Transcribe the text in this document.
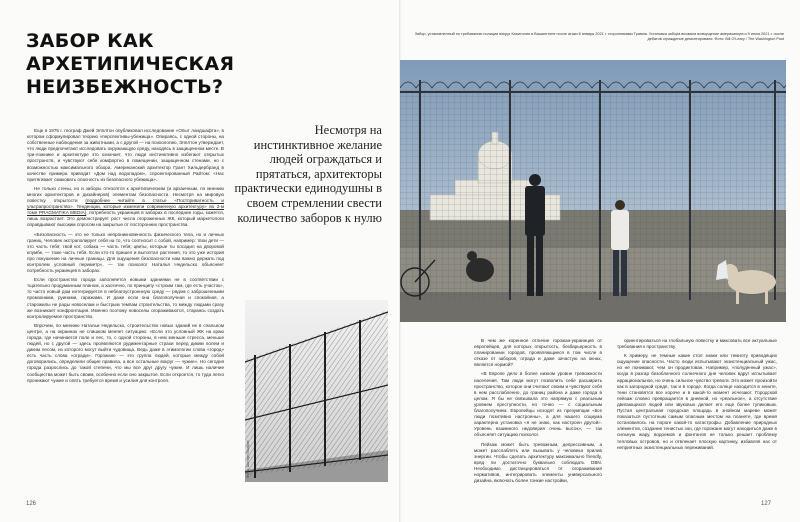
ЗАБОР КАК АРХЕТИПИЧЕСКАЯ НЕИЗБЕЖНОСТЬ?

Еще в 1975 г. географ Джей Эпплтон опубликовал исследование «Опыт ландшафта», в котором сформулировал теорию «перспективы-убежища». Опираясь, с одной стороны, на собственные наблюдения за животными, а с другой — на психологию, Эпплтон утверждает, что люди предпочитают исследовать окружающую среду, находясь в защищенном месте. В три-ложнике и архитектуре это означает, что люди инстинктивно избегают открытых пространств, и чувствуют себя комфортно в помещении, защищенном стенами, но с возможностью максимального обзора. Американский архитектор Грант Хильдербранд в качестве примера приводит «Дом над водопадом», спроектированный Райтом: «Нас притягивает смаковать опасность из безопасного убежища».

Не только стены, но и заборы относятся к архетипическим (и архаичным, по мнению многих архитекторов и дизайнеров) элементам безопасности. Несмотря на мировую повестку открытости (подробнее читайте в статье «Постприватность и ультрапространство». Тенденции, которые изменили современную архитектуру» во 2-м томе PRAGMATIKA MEDIA), потребность украинцев в заборах в последние годы, кажется, лишь возрастает. Это демонстрирует рост числа огороженных ЖК, который маркетологи оправдывают высоким спросом на закрытые от посторонних пространства.

«Безопасность — это не только непроникновенность физического тела, но и личных границ. Человек экстраполирует себя на то, что соотносит с собой, например: твои дети — это часть тебя; твой кот, собака — часть тебя; цветы, которые ты посадил на дворовой клумбе, — тоже часть тебя. Если кто-то пришел и вытоптал растения, то это уже история про покушение на личные границы. Для ощущения безопасности нам важно держать под контролем условный периметр», — так психолог Наталья Недельско объясняет потребность украинцев в заборах.

Если пространство города заполняется новыми зданиями не в соответствии с тщательно продуманным планом, а хаотично, по принципу «строим там, где есть участок», то часто новый дом интегрируется в неблагоустроенную среду — рядом с заброшенными промзонами, руинами, гаражами. И даже если она благополучная и спокойная, а старожилы не рады новоселам и быстрым темпам строительства, то между людьми сразу же возникает конфронтация. Именно поэтому новоселы огораживаются, стараясь создать контролируемое пространство.

Впрочем, по мнению Натальи Недельско, строительство новых зданий не в спальном центре, а на окраинах не слишком меняет ситуацию: «Если это условный ЖК на краю города, где начинается поле и лес, то, с одной стороны, в нем меньше стресса, меньше людей, но с другой — здесь проявляются рудиментарные страхи перед диким полем и диким лесом, из которого могут выйти чудовища. Ведь даже в этимологии слова «город» есть часть слова «огради». Горожане — это группа людей, которые между собой договорились, определили общие правила, а все остальные вокруг — чужие». Но сегодня города разрослись до такой степени, что мы все друг другу чужие. И лишь наличие сообщества может быть своим, особенно если оно закрытое. Если откроется, то туда легко проникают чужие и опять требуется время и усилия для контроля.

Несмотря на инстинктивное желание людей ограждаться и прятаться, архитекторы практически единодушны в своем стремлении свести количество заборов к нулю

Фото: Шаторт/Scalpel
126
Забор, установленный по требованию полиции вокруг Капитолия в Вашингтоне после атаки 6 января 2021 г. сторонниками Трампа. Установка забора вызвала возмущение американцев и 9 июля 2021 г. после дебатов ограждение демонтировали. Фото: Bill O’Leary / The Washington Post

В чем же коренное отличие горожан-украинцев от европейцев, для которых открытость, безбарьерность в планировании городов, проявляющиеся в том числе в отказе от заборов, ограда и даже зачастую на окнах, является нормой?

«В Европе дело в более низком уровне тревожности населения. Там люди могут позволить себе расширить пространство, которое они считают своим и чувствуют себя в нем расслабленно, до границ района и даже города в целом. Я бы не связывала это напрямую с реальным уровнем преступности, но точно — с социальным благополучием. Европейцы исходят из презумпции «все люди позитивно настроены», а для нашего социума характерна установка «я не знаю, как настроен другой». Уровень взаимного недоверия очень высок», — так объясняет ситуацию психолог.

Пейзаж может быть тревожным, депрессивным, а может расслаблять или вызывать у человека прилив энергии. Чтобы сделать архитектуру максимально friendly, вряд ли достаточно буквально соблюдать DBN. Необходимо дистанцироваться от огораживания нормативов, интегрировать элементы универсального дизайна, включать более тонкие настройки,

ориентироваться на глобальную повестку и миксовать все актуальные требования к пространству.

К примеру, не темные какие стол знаки или темноту приводящих ощущение опасности. Часто люди испытывают экзистенциальный ужас, но не понимают, чем он продиктован. Например, «полуденный ужас», когда в разгар безоблачного солнечного дня человек вдруг испытывает иррациональное, но очень сильное чувство тревоги. Это может произойти как в загородной среде, так и в городе. Когда солнце находится в зените, тени становятся все короче и в какой-то момент исчезают. Городской пейзаж словно превращается в дневной, но «реальное», а отсутствие двигающихся людей или звуковых делает его еще более тупиковым. Пустая центральная городская площадь в знойном мареве может показаться пустотным самым опасным местом на планете, где время остановилось на пороге какой-то катастрофы. Добавление природных элементов, создание тенистых зон, где горожане могут находиться даже в сильную жару, водоемов и фонтанов не только решает проблему тепловых островов, но и отвлекает плоскую картинку, избавляя нас от неприятных экзистенциальных переживаний.

127
